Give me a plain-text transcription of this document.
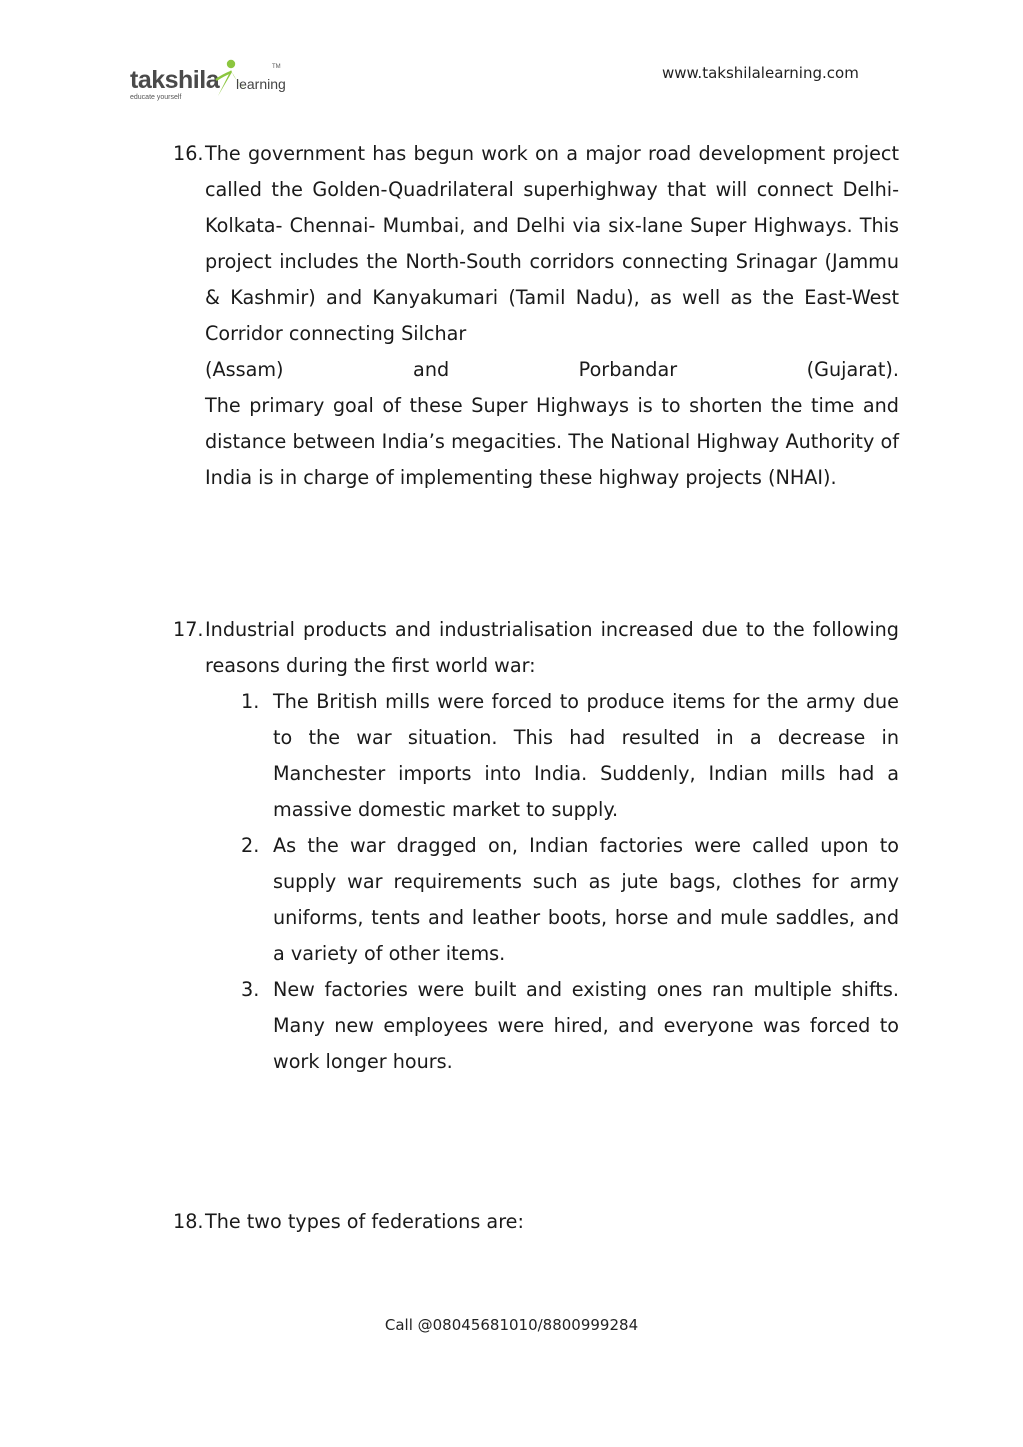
takshila
educate yourself
learning
TM	www.takshilalearning.com
16. The government has begun work on a major road development project called the Golden-Quadrilateral superhighway that will connect Delhi- Kolkata- Chennai- Mumbai, and Delhi via six-lane Super Highways. This project includes the North-South corridors connecting Srinagar (Jammu & Kashmir) and Kanyakumari (Tamil Nadu), as well as the East-West Corridor connecting Silchar

(Assam) and Porbandar (Gujarat).

The primary goal of these Super Highways is to shorten the time and distance between India’s megacities. The National Highway Authority of India is in charge of implementing these highway projects (NHAI).

17. Industrial products and industrialisation increased due to the following reasons during the first world war:

1. The British mills were forced to produce items for the army due to the war situation. This had resulted in a decrease in Manchester imports into India. Suddenly, Indian mills had a massive domestic market to supply.
2. As the war dragged on, Indian factories were called upon to supply war requirements such as jute bags, clothes for army uniforms, tents and leather boots, horse and mule saddles, and a variety of other items.
3. New factories were built and existing ones ran multiple shifts. Many new employees were hired, and everyone was forced to work longer hours.
18. The two types of federations are:

Call @08045681010/8800999284
